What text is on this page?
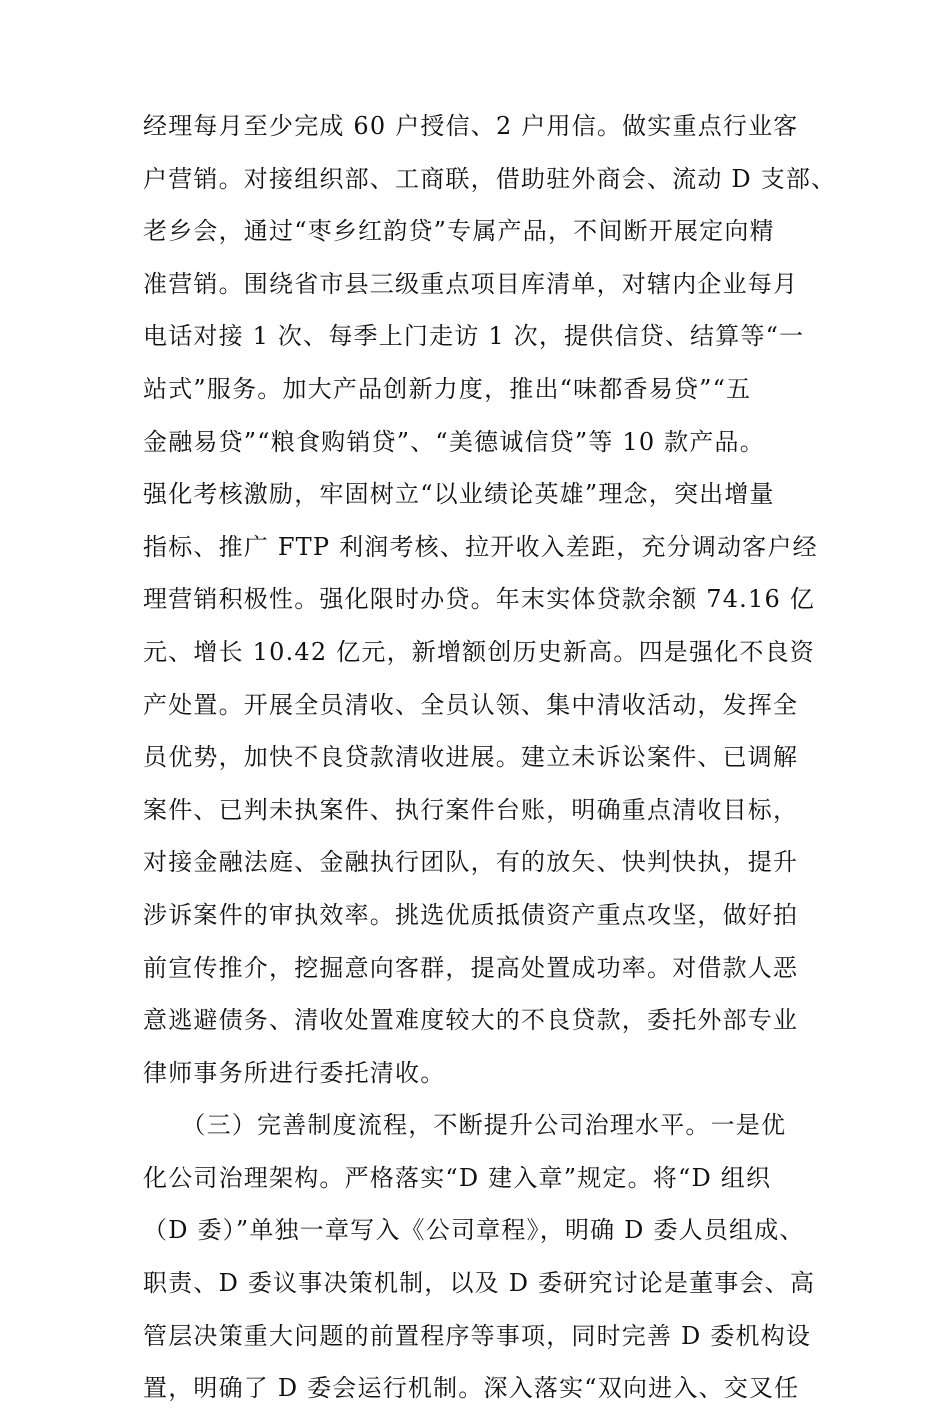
经理每月至少完成 60 户授信、2 户用信。做实重点行业客
户营销。对接组织部、工商联，借助驻外商会、流动 D 支部、
老乡会，通过“枣乡红韵贷”专属产品，不间断开展定向精
准营销。围绕省市县三级重点项目库清单，对辖内企业每月
电话对接 1 次、每季上门走访 1 次，提供信贷、结算等“一
站式”服务。加大产品创新力度，推出“味都香易贷”“五
金融易贷”“粮食购销贷”、“美德诚信贷”等 10 款产品。
强化考核激励，牢固树立“以业绩论英雄”理念，突出增量
指标、推广 FTP 利润考核、拉开收入差距，充分调动客户经
理营销积极性。强化限时办贷。年末实体贷款余额 74.16 亿
元、增长 10.42 亿元，新增额创历史新高。四是强化不良资
产处置。开展全员清收、全员认领、集中清收活动，发挥全
员优势，加快不良贷款清收进展。建立未诉讼案件、已调解
案件、已判未执案件、执行案件台账，明确重点清收目标，
对接金融法庭、金融执行团队，有的放矢、快判快执，提升
涉诉案件的审执效率。挑选优质抵债资产重点攻坚，做好拍
前宣传推介，挖掘意向客群，提高处置成功率。对借款人恶
意逃避债务、清收处置难度较大的不良贷款，委托外部专业
律师事务所进行委托清收。
　　（三）完善制度流程，不断提升公司治理水平。一是优
化公司治理架构。严格落实“D 建入章”规定。将“D 组织
（D 委）”单独一章写入《公司章程》，明确 D 委人员组成、
职责、D 委议事决策机制，以及 D 委研究讨论是董事会、高
管层决策重大问题的前置程序等事项，同时完善 D 委机构设
置，明确了 D 委会运行机制。深入落实“双向进入、交叉任
